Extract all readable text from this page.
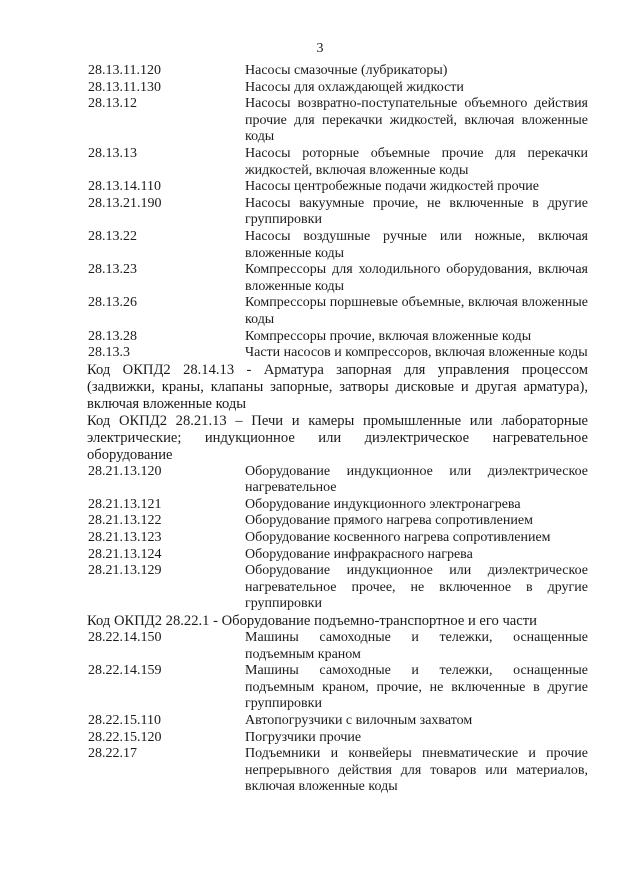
3
28.13.11.120	Насосы смазочные (лубрикаторы)
28.13.11.130	Насосы для охлаждающей жидкости
28.13.12	Насосы возвратно-поступательные объемного действия прочие для перекачки жидкостей, включая вложенные коды
28.13.13	Насосы роторные объемные прочие для перекачки жидкостей, включая вложенные коды
28.13.14.110	Насосы центробежные подачи жидкостей прочие
28.13.21.190	Насосы вакуумные прочие, не включенные в другие группировки
28.13.22	Насосы воздушные ручные или ножные, включая вложенные коды
28.13.23	Компрессоры для холодильного оборудования, включая вложенные коды
28.13.26	Компрессоры поршневые объемные, включая вложенные коды
28.13.28	Компрессоры прочие, включая вложенные коды
28.13.3	Части насосов и компрессоров, включая вложенные коды
Код ОКПД2 28.14.13 - Арматура запорная для управления процессом (задвижки, краны, клапаны запорные, затворы дисковые и другая арматура), включая вложенные коды
Код ОКПД2 28.21.13 – Печи и камеры промышленные или лабораторные электрические; индукционное или диэлектрическое нагревательное оборудование
28.21.13.120	Оборудование индукционное или диэлектрическое нагревательное
28.21.13.121	Оборудование индукционного электронагрева
28.21.13.122	Оборудование прямого нагрева сопротивлением
28.21.13.123	Оборудование косвенного нагрева сопротивлением
28.21.13.124	Оборудование инфракрасного нагрева
28.21.13.129	Оборудование индукционное или диэлектрическое нагревательное прочее, не включенное в другие группировки
Код ОКПД2 28.22.1 - Оборудование подъемно-транспортное и его части
28.22.14.150	Машины самоходные и тележки, оснащенные подъемным краном
28.22.14.159	Машины самоходные и тележки, оснащенные подъемным краном, прочие, не включенные в другие группировки
28.22.15.110	Автопогрузчики с вилочным захватом
28.22.15.120	Погрузчики прочие
28.22.17	Подъемники и конвейеры пневматические и прочие непрерывного действия для товаров или материалов, включая вложенные коды
